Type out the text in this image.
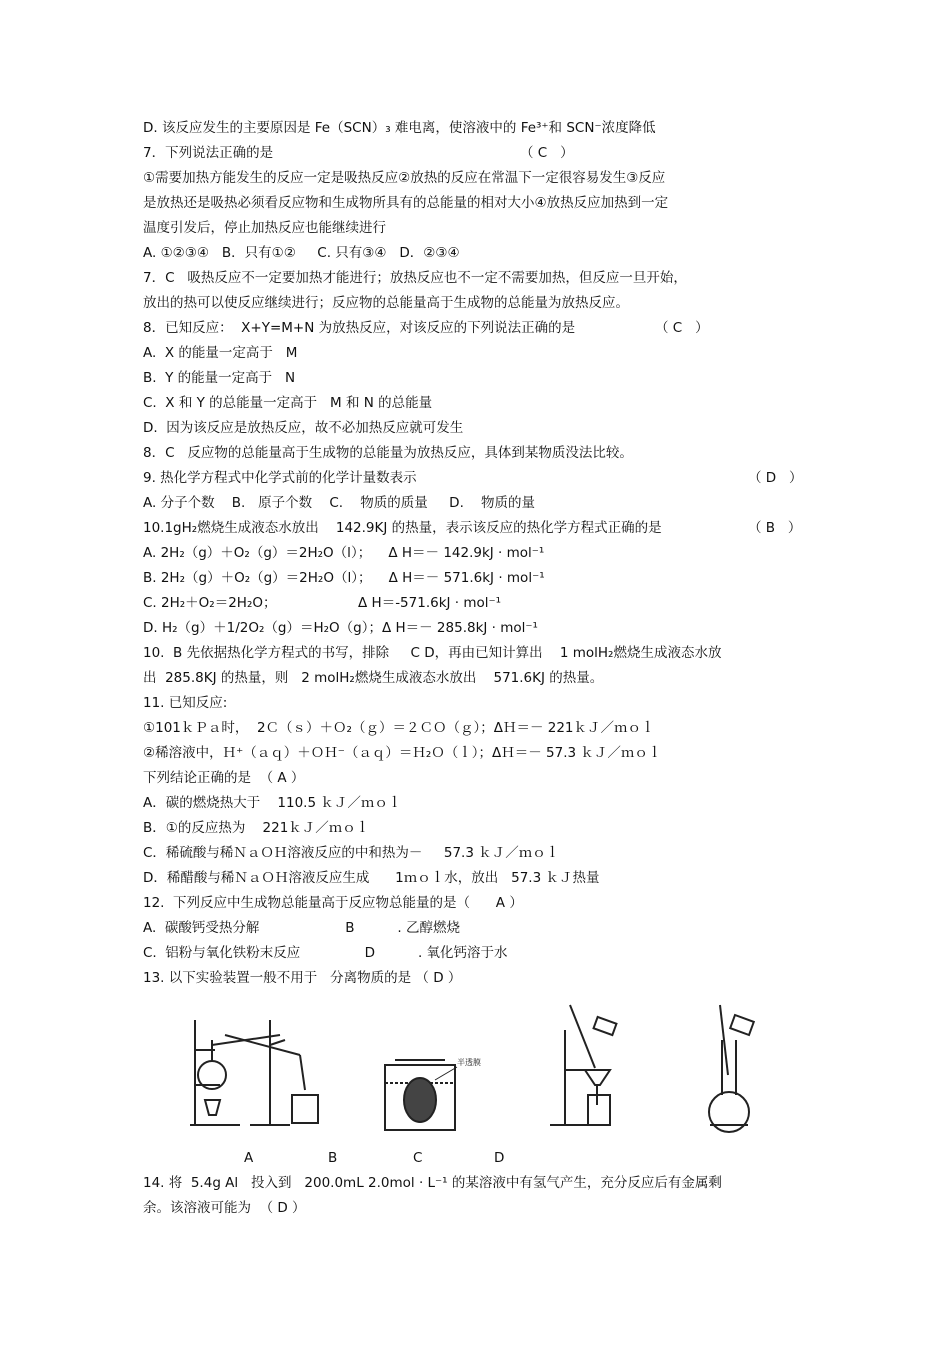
D. 该反应发生的主要原因是 Fe（SCN）₃ 难电离，使溶液中的 Fe³⁺和 SCN⁻浓度降低
7．下列说法正确的是	（ C   ）
①需要加热方能发生的反应一定是吸热反应②放热的反应在常温下一定很容易发生③反应
是放热还是吸热必须看反应物和生成物所具有的总能量的相对大小④放热反应加热到一定
温度引发后，停止加热反应也能继续进行
A. ①②③④   B．只有①②     C. 只有③④   D．②③④
7．C   吸热反应不一定要加热才能进行；放热反应也不一定不需要加热，但反应一旦开始，
放出的热可以使反应继续进行；反应物的总能量高于生成物的总能量为放热反应。
8．已知反应：  X+Y=M+N 为放热反应，对该反应的下列说法正确的是	（ C   ）
A.  X 的能量一定高于   M
B.  Y 的能量一定高于   N
C.  X 和 Y 的总能量一定高于   M 和 N 的总能量
D.  因为该反应是放热反应，故不必加热反应就可发生
8．C   反应物的总能量高于生成物的总能量为放热反应，具体到某物质没法比较。
9. 热化学方程式中化学式前的化学计量数表示	（ D   ）
A. 分子个数    B.   原子个数    C.    物质的质量     D.    物质的量
10.1gH₂燃烧生成液态水放出    142.9KJ 的热量，表示该反应的热化学方程式正确的是	（ B   ）
A. 2H₂（g）＋O₂（g）＝2H₂O（l）；    Δ H＝－ 142.9kJ · mol⁻¹
B. 2H₂（g）＋O₂（g）＝2H₂O（l）；    Δ H＝－ 571.6kJ · mol⁻¹
C. 2H₂＋O₂＝2H₂O；                   Δ H＝-571.6kJ · mol⁻¹
D. H₂（g）＋1/2O₂（g）＝H₂O（g）；Δ H＝－ 285.8kJ · mol⁻¹
10.  B 先依据热化学方程式的书写，排除     C D，再由已知计算出    1 molH₂燃烧生成液态水放
出  285.8KJ 的热量，则   2 molH₂燃烧生成液态水放出    571.6KJ 的热量。
11. 已知反应:
①101ｋＰａ时，  2Ｃ（ｓ）＋Ｏ₂（ｇ）＝２ＣＯ（ｇ）；ΔＨ＝－ 221ｋＪ／ｍｏｌ
②稀溶液中，Ｈ⁺（ａｑ）＋ＯＨ⁻（ａｑ）＝Ｈ₂Ｏ（ｌ）；ΔＨ＝－ 57.3 ｋＪ／ｍｏｌ
下列结论正确的是  （ A ）
A．碳的燃烧热大于    110.5 ｋＪ／ｍｏｌ
B．①的反应热为    221ｋＪ／ｍｏｌ
C．稀硫酸与稀ＮａＯＨ溶液反应的中和热为－     57.3 ｋＪ／ｍｏｌ
D．稀醋酸与稀ＮａＯＨ溶液反应生成      1ｍｏｌ水，放出   57.3 ｋＪ热量
12.  下列反应中生成物总能量高于反应物总能量的是（      A ）
A.  碳酸钙受热分解                    B          . 乙醇燃烧
C.  铝粉与氧化铁粉末反应               D          . 氧化钙溶于水
13. 以下实验装置一般不用于   分离物质的是 （ D ）
半透膜
A	B	C	D
14. 将  5.4g Al   投入到   200.0mL 2.0mol · L⁻¹ 的某溶液中有氢气产生，充分反应后有金属剩
余。该溶液可能为  （ D ）
